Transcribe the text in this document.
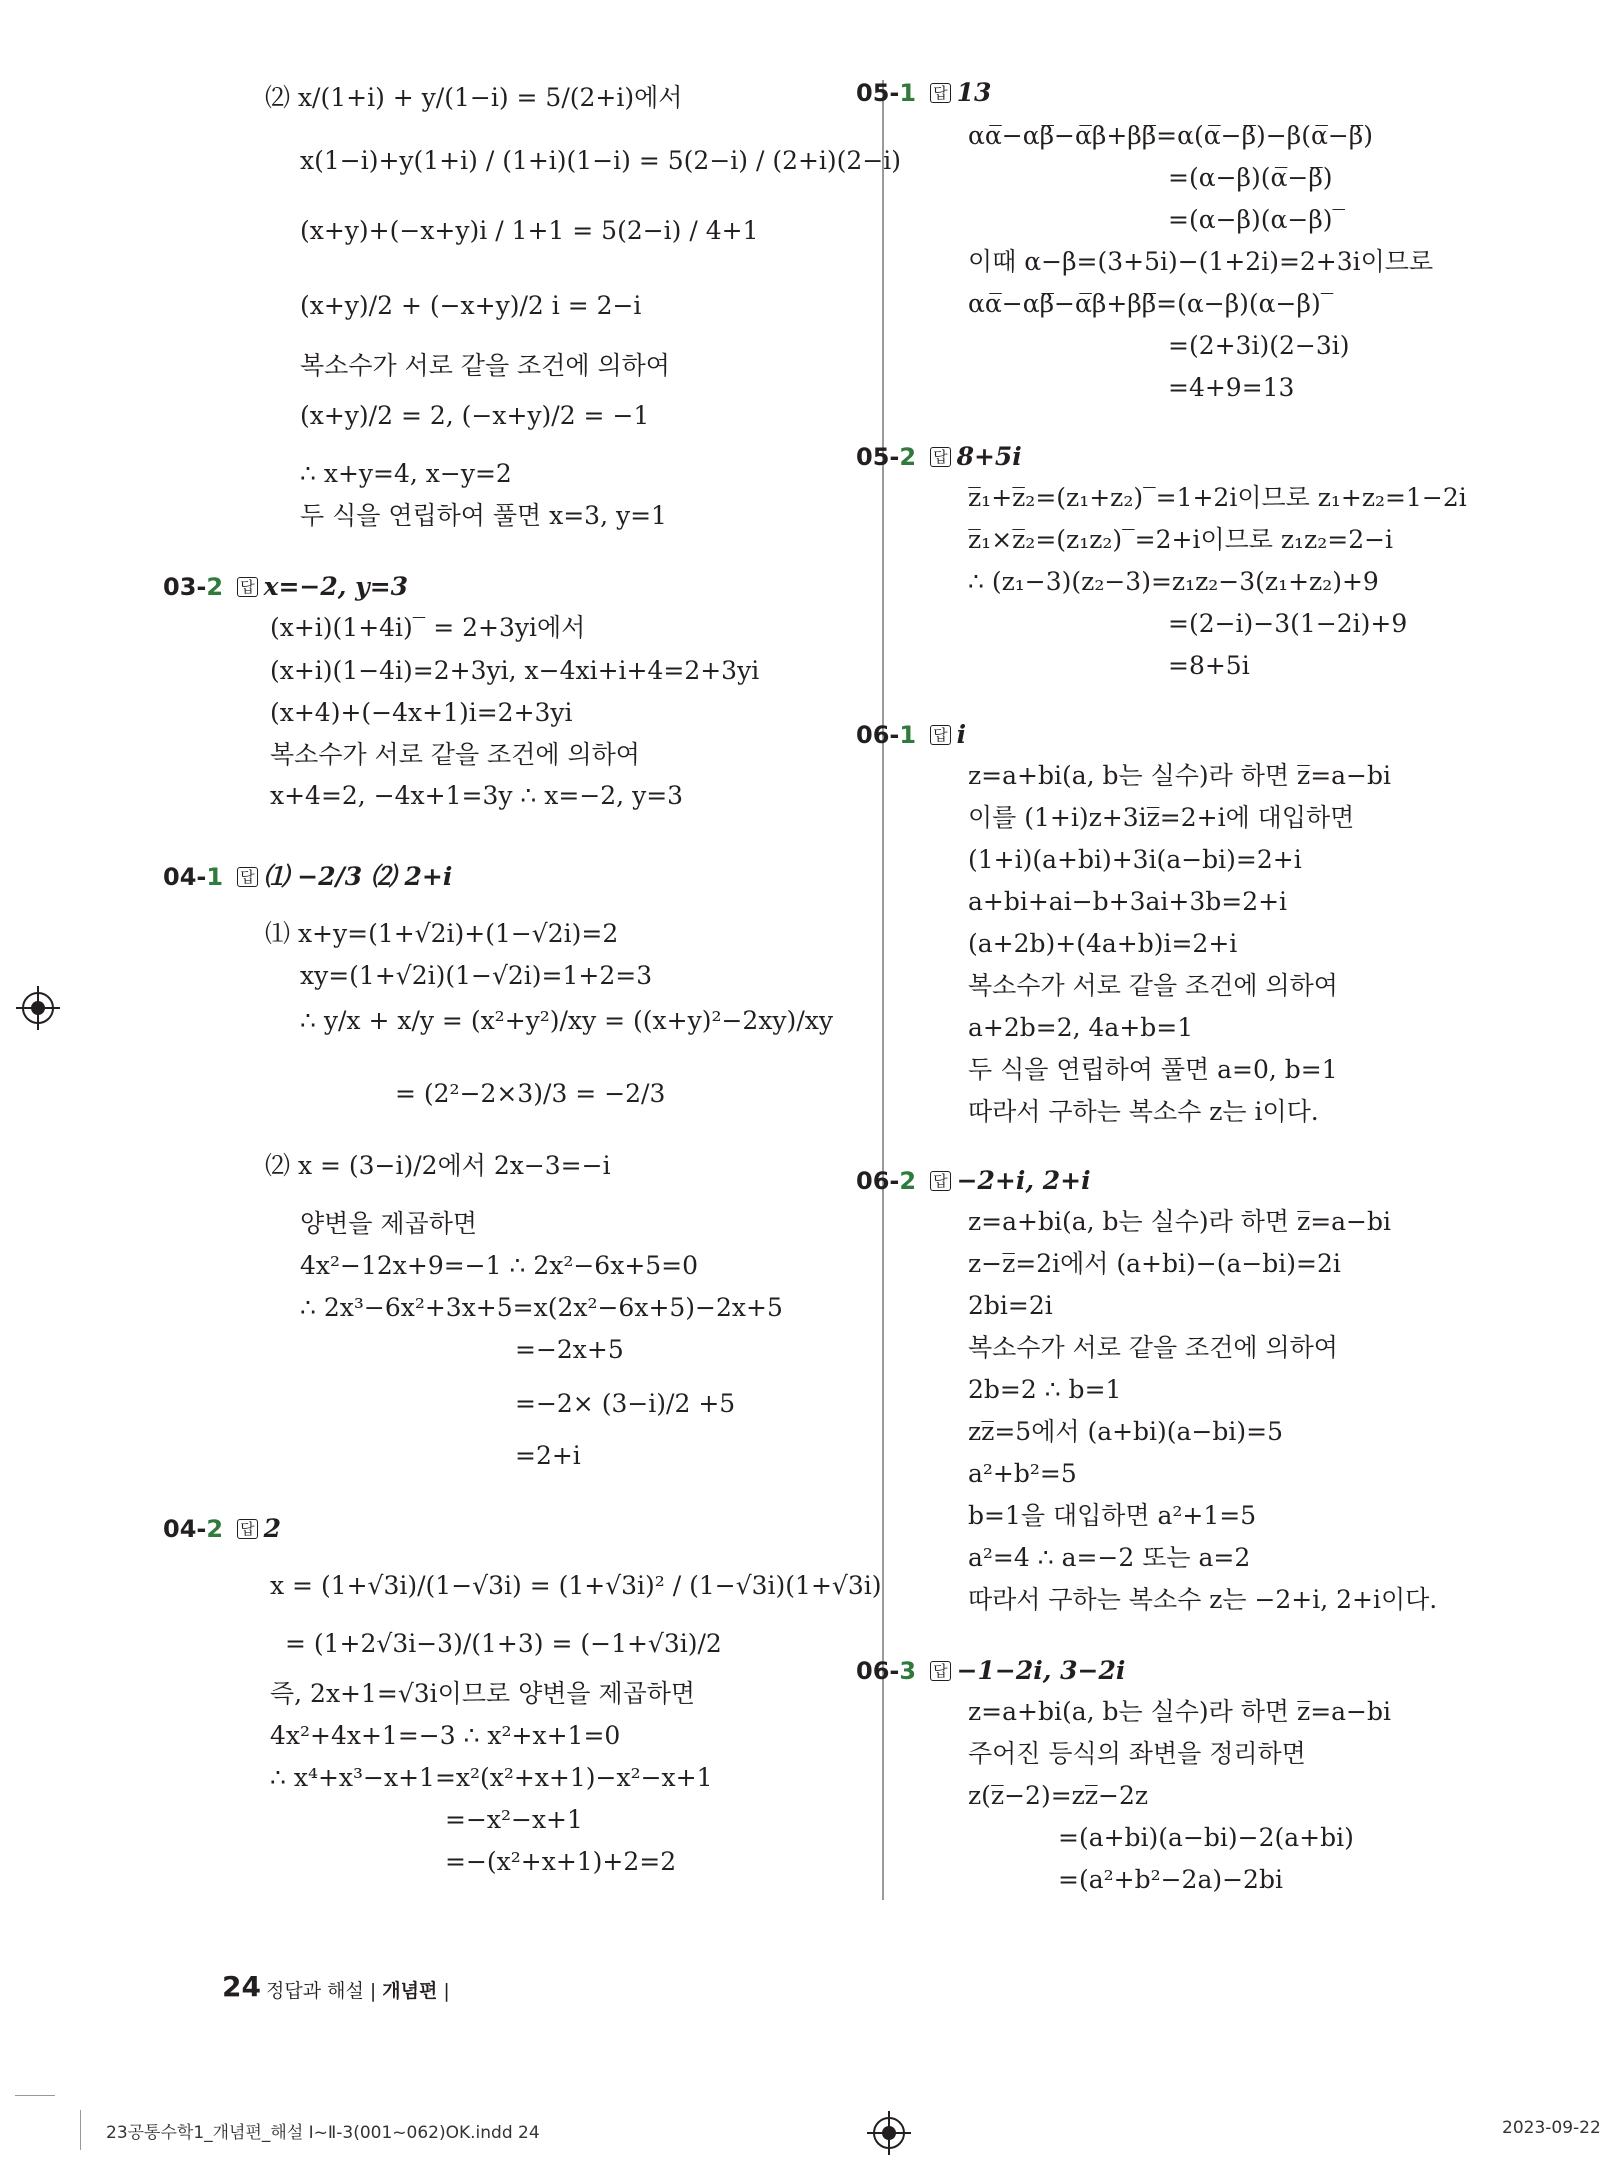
⑵ x/(1+i) + y/(1−i) = 5/(2+i)에서
x(1−i)+y(1+i) / (1+i)(1−i) = 5(2−i) / (2+i)(2−i)
(x+y)+(−x+y)i / 1+1 = 5(2−i) / 4+1
(x+y)/2 + (−x+y)/2 i = 2−i
복소수가 서로 같을 조건에 의하여
(x+y)/2 = 2, (−x+y)/2 = −1
∴ x+y=4, x−y=2
두 식을 연립하여 풀면 x=3, y=1
03-2 답 x=−2, y=3
(x+i)(1+4i)‾ = 2+3yi에서
(x+i)(1−4i)=2+3yi, x−4xi+i+4=2+3yi
(x+4)+(−4x+1)i=2+3yi
복소수가 서로 같을 조건에 의하여
x+4=2, −4x+1=3y ∴ x=−2, y=3
04-1 답 ⑴ −2/3 ⑵ 2+i
⑴ x+y=(1+√2i)+(1−√2i)=2
xy=(1+√2i)(1−√2i)=1+2=3
∴ y/x + x/y = (x²+y²)/xy = ((x+y)²−2xy)/xy
= (2²−2×3)/3 = −2/3
⑵ x = (3−i)/2에서 2x−3=−i
양변을 제곱하면
4x²−12x+9=−1 ∴ 2x²−6x+5=0
∴ 2x³−6x²+3x+5=x(2x²−6x+5)−2x+5
=−2x+5
=−2× (3−i)/2 +5
=2+i
04-2 답 2
x = (1+√3i)/(1−√3i) = (1+√3i)² / (1−√3i)(1+√3i)
= (1+2√3i−3)/(1+3) = (−1+√3i)/2
즉, 2x+1=√3i이므로 양변을 제곱하면
4x²+4x+1=−3 ∴ x²+x+1=0
∴ x⁴+x³−x+1=x²(x²+x+1)−x²−x+1
=−x²−x+1
=−(x²+x+1)+2=2
05-1 답 13
αα̅−αβ̅−α̅β+ββ̅=α(α̅−β̅)−β(α̅−β̅)
=(α−β)(α̅−β̅)
=(α−β)(α−β)‾
이때 α−β=(3+5i)−(1+2i)=2+3i이므로
αα̅−αβ̅−α̅β+ββ̅=(α−β)(α−β)‾
=(2+3i)(2−3i)
=4+9=13
05-2 답 8+5i
z̅₁+z̅₂=(z₁+z₂)‾=1+2i이므로 z₁+z₂=1−2i
z̅₁×z̅₂=(z₁z₂)‾=2+i이므로 z₁z₂=2−i
∴ (z₁−3)(z₂−3)=z₁z₂−3(z₁+z₂)+9
=(2−i)−3(1−2i)+9
=8+5i
06-1 답 i
z=a+bi(a, b는 실수)라 하면 z̅=a−bi
이를 (1+i)z+3iz̅=2+i에 대입하면
(1+i)(a+bi)+3i(a−bi)=2+i
a+bi+ai−b+3ai+3b=2+i
(a+2b)+(4a+b)i=2+i
복소수가 서로 같을 조건에 의하여
a+2b=2, 4a+b=1
두 식을 연립하여 풀면 a=0, b=1
따라서 구하는 복소수 z는 i이다.
06-2 답 −2+i, 2+i
z=a+bi(a, b는 실수)라 하면 z̅=a−bi
z−z̅=2i에서 (a+bi)−(a−bi)=2i
2bi=2i
복소수가 서로 같을 조건에 의하여
2b=2 ∴ b=1
zz̅=5에서 (a+bi)(a−bi)=5
a²+b²=5
b=1을 대입하면 a²+1=5
a²=4 ∴ a=−2 또는 a=2
따라서 구하는 복소수 z는 −2+i, 2+i이다.
06-3 답 −1−2i, 3−2i
z=a+bi(a, b는 실수)라 하면 z̅=a−bi
주어진 등식의 좌변을 정리하면
z(z̅−2)=zz̅−2z
=(a+bi)(a−bi)−2(a+bi)
=(a²+b²−2a)−2bi
24 정답과 해설 | 개념편 |
23공통수학1_개념편_해설 Ⅰ~Ⅱ-3(001~062)OK.indd 24	2023-09-22
